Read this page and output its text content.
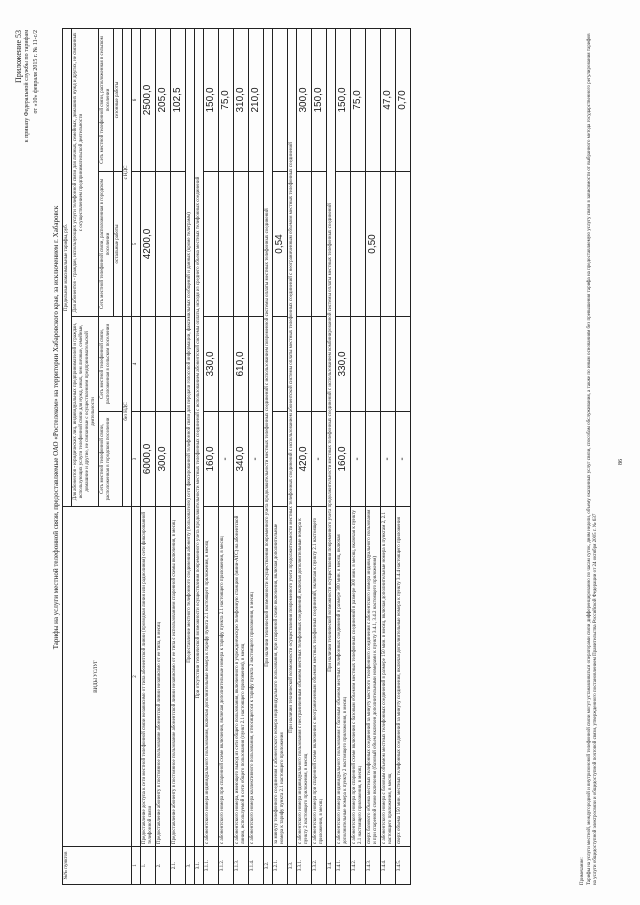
Приложение 53 к приказу Федеральной службы по тарифам от «10» февраля 2015 г. № 11-с/2
Тарифы на услуги местной телефонной связи, предоставляемые ОАО «Ростелеком» на территории Хабаровского края, за исключением г. Хабаровск
№№ пунктов	ВИДЫ УСЛУГ	Предельные максимальные тарифы, руб.			
		Для абонентов - юридических лиц, индивидуальных предпринимателей и граждан, использующих услуги телефонной связи для нужд, иных, чем личные, семейные, домашние и другие, не связанные с осуществлением предпринимательской деятельности		Для абонентов - граждан, использующих услуги телефонной связи для личных, семейных, домашних нужд и других, не связанных с осуществлением предпринимательской деятельности	
		Сеть местной телефонной связи, расположенная в городском поселении	Сеть местной телефонной связи, расположенная в сельском поселении	Сеть местной телефонной связи, расположенная в городском поселении	Сеть местной телефонной связи, расположенная в сельском поселении
				остальные работы	сезонные работы
		без НДС		с НДС	
1	2	3	4	5	6
1.	Предоставление доступа к сети местной телефонной связи независимо от типа абонентской линии (проводная линия или радиолиния) сети фиксированной телефонной связи	6000,0		4200,0	2500,0
2.	Предоставление абоненту в постоянное пользование абонентской линии независимо от ее типа, в месяц	300,0			205,0
2.1.	Предоставление абоненту в постоянное пользование абонентской линии независимо от ее типа с использованием спаренной схемы включения, в месяц				102,5
3.	Предоставление местного телефонного соединения абоненту (пользователю) сети фиксированной телефонной связи для передачи голосовой информации, факсимильных сообщений и данных (кроме телеграмм)				
3.1.	При отсутствии технической возможности осуществления повременного учета продолжительности местных телефонных соединений с использованием абонентской системы оплаты, исходя из среднего объема местных телефонных соединений				
3.1.1.	с абонентского номера индивидуального пользования, включая дополнительные номера к тарифу пункта 2.1 настоящего приложения, в месяц	160,0	330,0		150,0
3.1.2.	с абонентского номера при спаренной схеме включения, включая дополнительные номера к тарифу пункта 2.1 настоящего приложения, в месяц	-			75,0
3.1.3.	с абонентского номера, имеющего выход из сети общего пользования, включенного в учрежденческую телефонную станцию (мини-АТС) на абонентской линии, используемой в сети общего пользования (пункт 2.1 настоящего приложения), в месяц	340,0	610,0		310,0
3.1.4.	с абонентского номера коллективного пользования, относящегося к тарифу пункта 2 настоящего приложения, в месяц	-			210,0
3.2.	При наличии технической возможности осуществления повременного учета продолжительности местных телефонных соединений с использованием повременной системы оплаты местных телефонных соединений				
3.2.1.	за минуту телефонного соединения с абонентского номера индивидуального пользования, при спаренной схеме включения, включая дополнительные номера к тарифу пункта 2.1 настоящего приложения			0,54	
3.3.	При наличии технической возможности осуществления повременного учета продолжительности местных телефонных соединений с использованием абонентской системы оплаты местных телефонных соединений с неограниченным объемом местных телефонных соединений				
3.3.1.	с абонентского номера индивидуального пользования с неограниченным объемом местных телефонных соединений, включая дополнительные номера к пункту 2 настоящего приложения, в месяц	420,0			300,0
3.3.2.	с абонентского номера при спаренной схеме включения с неограниченным объемом местных телефонных соединений, включая к пункту 2.1 настоящего приложения, в месяц	-			150,0
3.4.	При наличии технической возможности осуществления повременного учета продолжительности местных телефонных соединений с использованием комбинированной системы оплаты местных телефонных соединений				
3.4.1.	с абонентского номера индивидуального пользования с базовым объемом местных телефонных соединений в размере 300 мин. в месяц, включая дополнительные номера к пункту 2 настоящего приложения, в месяц	160,0	330,0		150,0
3.4.2.	с абонентского номера при спаренной схеме включения с базовым объемом местных телефонных соединений в размере 300 мин. в месяц, включая к пункту 2.1 настоящего приложения, в месяц	-			75,0
3.4.3.	сверх базового объема местных телефонных соединений за минуту местного телефонного соединения с абонентского номера индивидуального пользования и при спаренной схеме включения (базовый объем включен дополнительными номерами к пункту 3.4.1, 3.4.2 настоящего приложения)			0,50	
3.4.4.	с абонентского номера с базовым объемом местных телефонных соединений в размере 150 мин. в месяц, включая дополнительные номера к пунктам 2, 2.1 настоящего приложения, в месяц	-			47,0
3.4.5.	сверх объема 150 мин. местных телефонных соединений за минуту соединения, включая дополнительные номера к пункту 3.4.4 настоящего приложения	-			0,70
Примечание: Тарифы на услуги местной, междугородной и внутризоновой телефонной связи могут устанавливаться операторами связи дифференцированно по часам суток, дням недели, объему оказанных услуг связи, способам обслуживания, а также по иным основаниям без превышения тарифа на предоставляемую услугу связи в зависимости от выбранного метода государственного регулирования тарифов на услуги общедоступной электросвязи и общедоступной почтовой связи, утвержденного постановлением Правительства Российской Федерации от 24 октября 2005 г. № 637
86
